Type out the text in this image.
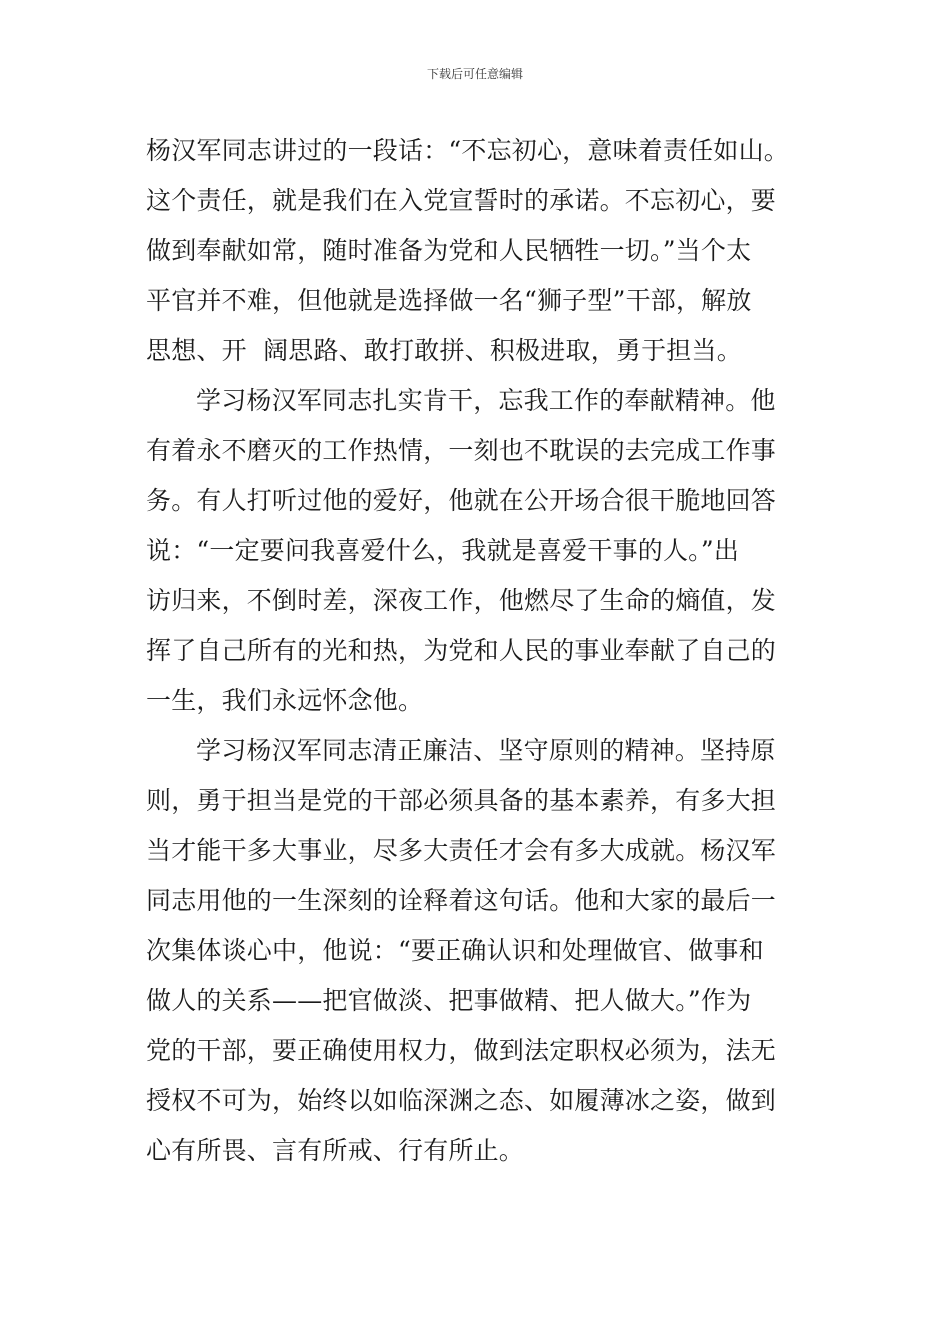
下载后可任意编辑
杨汉军同志讲过的一段话：“不忘初心，意味着责任如山。
这个责任，就是我们在入党宣誓时的承诺。不忘初心，要
做到奉献如常，随时准备为党和人民牺牲一切。”当个太
平官并不难，但他就是选择做一名“狮子型”干部，解放
思想、开  阔思路、敢打敢拼、积极进取，勇于担当。
学习杨汉军同志扎实肯干，忘我工作的奉献精神。他
有着永不磨灭的工作热情，一刻也不耽误的去完成工作事
务。有人打听过他的爱好，他就在公开场合很干脆地回答
说：“一定要问我喜爱什么，我就是喜爱干事的人。”出
访归来，不倒时差，深夜工作，他燃尽了生命的熵值，发
挥了自己所有的光和热，为党和人民的事业奉献了自己的
一生，我们永远怀念他。
学习杨汉军同志清正廉洁、坚守原则的精神。坚持原
则，勇于担当是党的干部必须具备的基本素养，有多大担
当才能干多大事业，尽多大责任才会有多大成就。杨汉军
同志用他的一生深刻的诠释着这句话。他和大家的最后一
次集体谈心中，他说：“要正确认识和处理做官、做事和
做人的关系——把官做淡、把事做精、把人做大。”作为
党的干部，要正确使用权力，做到法定职权必须为，法无
授权不可为，始终以如临深渊之态、如履薄冰之姿，做到
心有所畏、言有所戒、行有所止。
